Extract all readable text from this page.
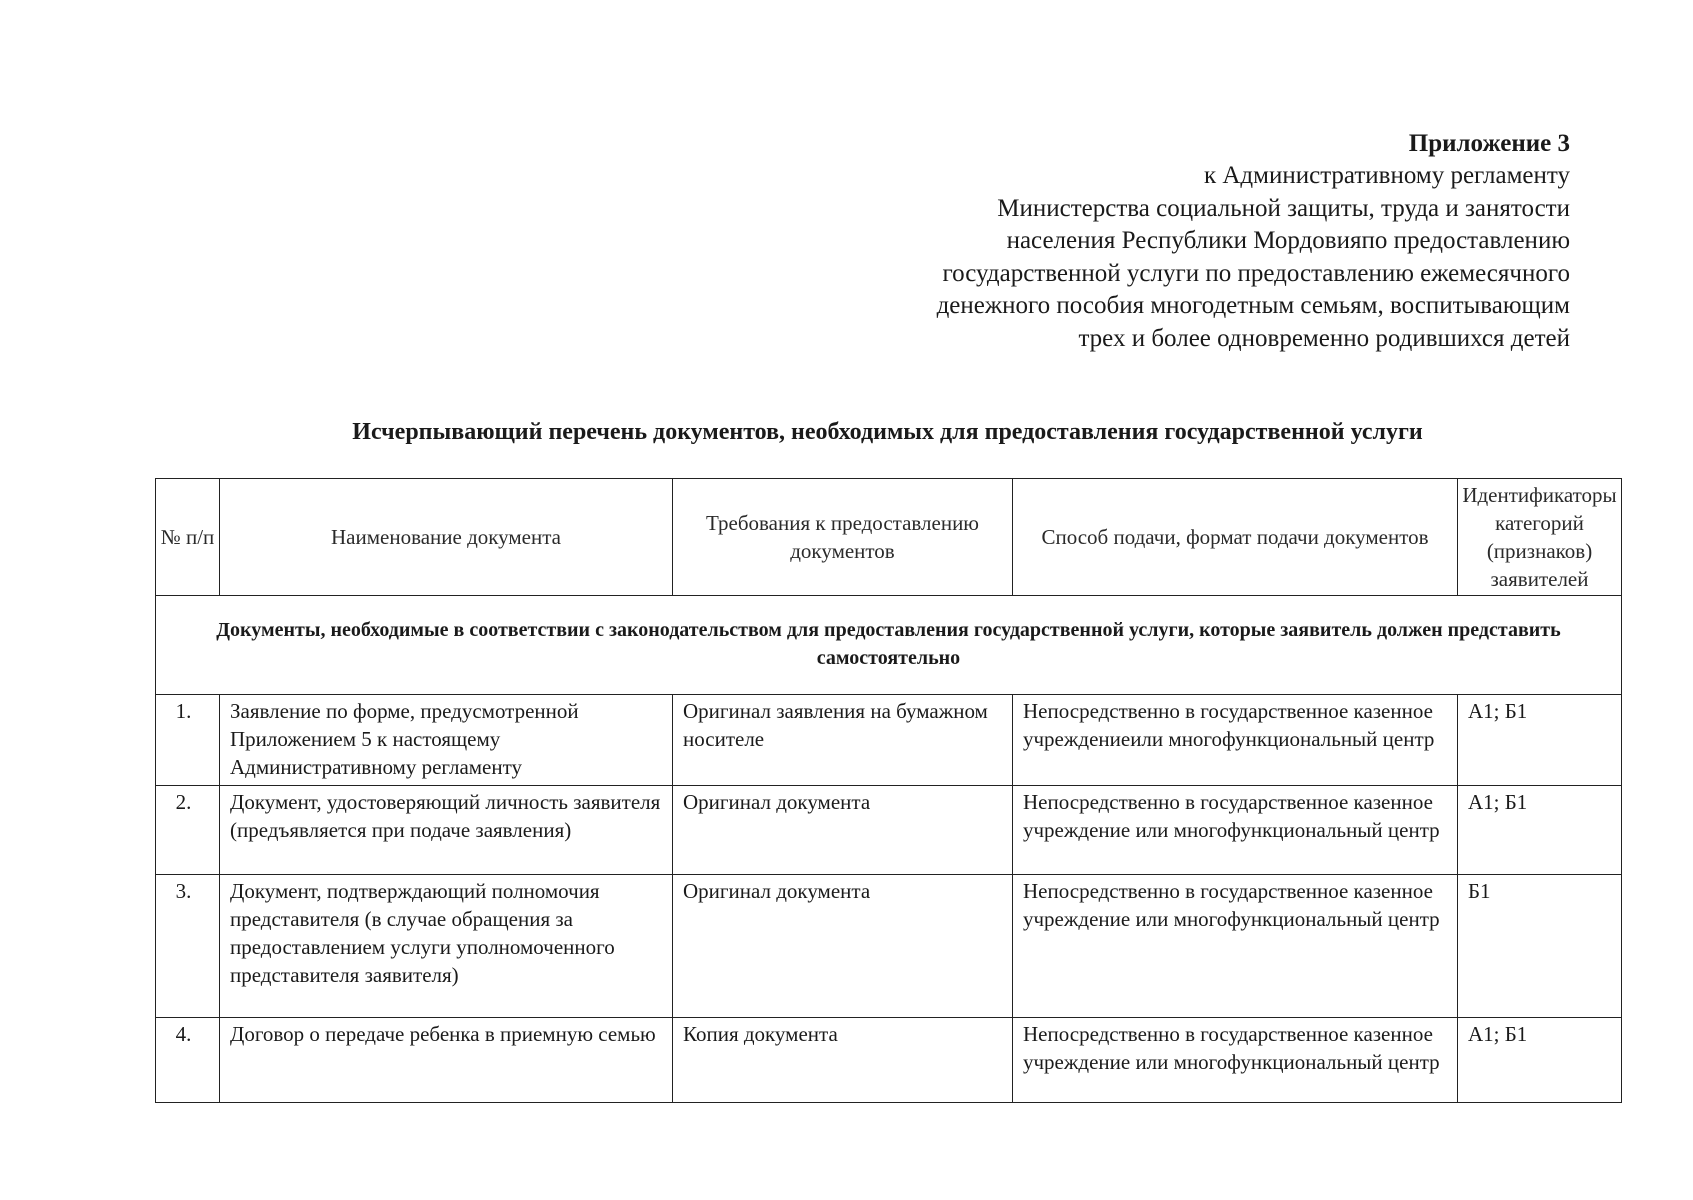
Приложение 3
к Административному регламенту
Министерства социальной защиты, труда и занятости
населения Республики Мордовияпо предоставлению
государственной услуги по предоставлению ежемесячного
денежного пособия многодетным семьям, воспитывающим
трех и более одновременно родившихся детей
Исчерпывающий перечень документов, необходимых для предоставления государственной услуги
№ п/п	Наименование документа	Требования к предоставлению документов	Способ подачи, формат подачи документов	Идентификаторы категорий (признаков) заявителей
Документы, необходимые в соответствии с законодательством для предоставления государственной услуги, которые заявитель должен представить самостоятельно				
1.	Заявление по форме, предусмотренной Приложением 5 к настоящему Административному регламенту	Оригинал заявления на бумажном носителе	Непосредственно в государственное казенное учреждениеили многофункциональный центр	А1; Б1
2.	Документ, удостоверяющий личность заявителя (предъявляется при подаче заявления)	Оригинал документа	Непосредственно в государственное казенное учреждение или многофункциональный центр	А1; Б1
3.	Документ, подтверждающий полномочия представителя (в случае обращения за предоставлением услуги уполномоченного представителя заявителя)	Оригинал документа	Непосредственно в государственное казенное учреждение или многофункциональный центр	Б1
4.	Договор о передаче ребенка в приемную семью	Копия документа	Непосредственно в государственное казенное учреждение или многофункциональный центр	А1; Б1
